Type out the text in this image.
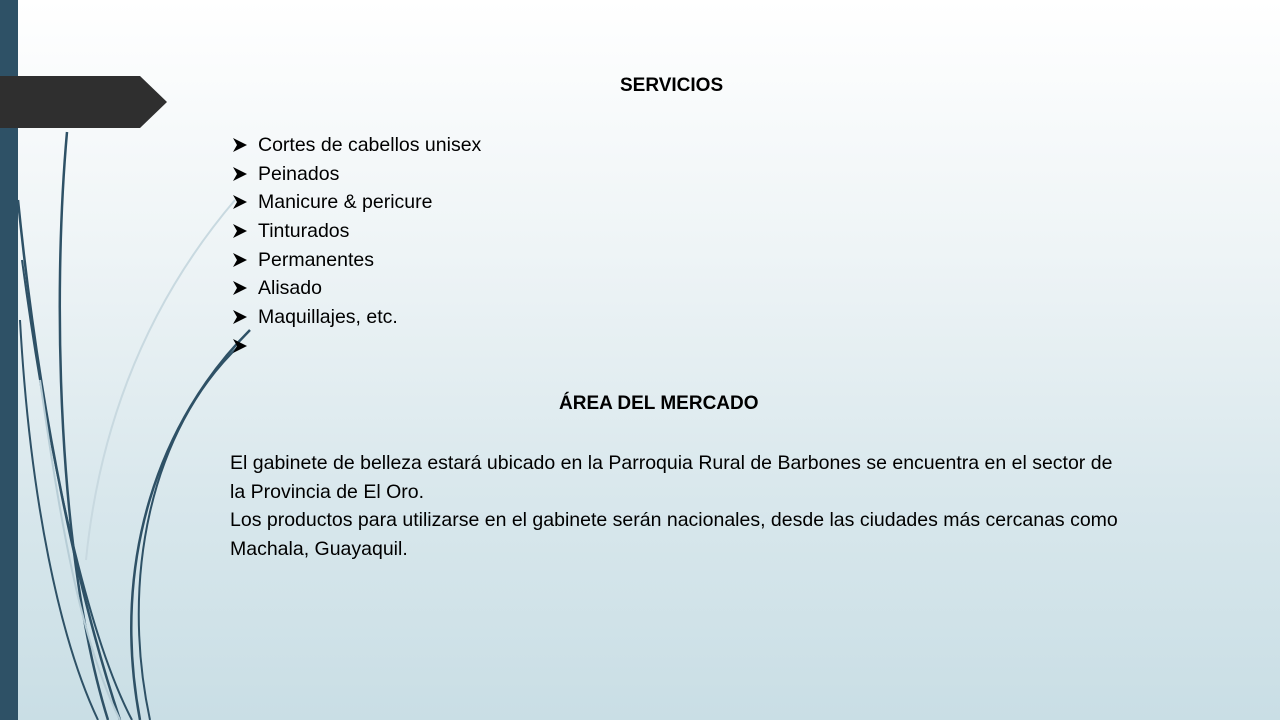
SERVICIOS
Cortes de cabellos unisex
Peinados
Manicure & pericure
Tinturados
Permanentes
Alisado
Maquillajes, etc.
ÁREA DEL MERCADO

El gabinete de belleza estará ubicado en la Parroquia Rural de Barbones se encuentra en el sector de la Provincia de El Oro.

Los productos para utilizarse en el gabinete serán nacionales, desde las ciudades más cercanas como Machala, Guayaquil.
